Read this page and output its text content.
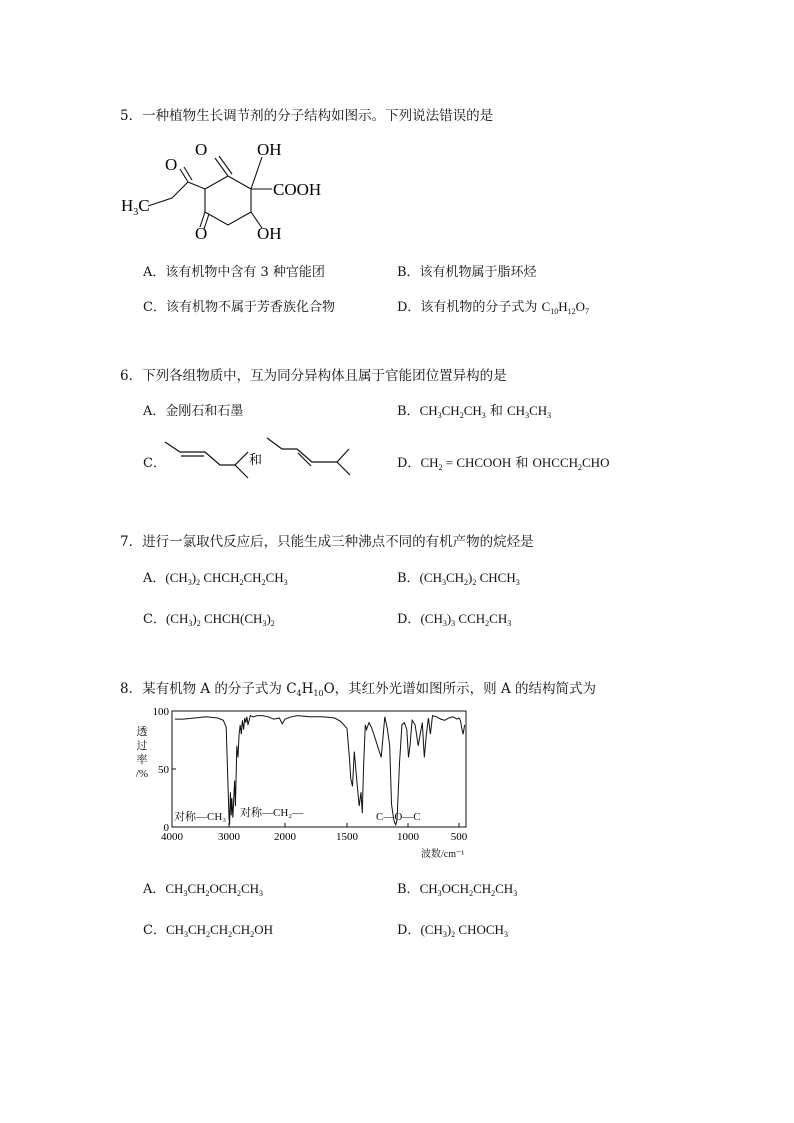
5．一种植物生长调节剂的分子结构如图示。下列说法错误的是
O
O	OH
COOH
$H_3C$
O	OH
A．该有机物中含有 3 种官能团	B．该有机物属于脂环烃
C．该有机物不属于芳香族化合物	D．该有机物的分子式为 $C_{10}H_{12}O_7$
6．下列各组物质中，互为同分异构体且属于官能团位置异构的是
A．金刚石和石墨	B．$CH_3CH_2CH_3$ 和 $CH_3CH_3$
C．	和	D．$CH_2$ = CHCOOH 和 $OHCCH_2CHO$
7．进行一氯取代反应后，只能生成三种沸点不同的有机产物的烷烃是
A．$(CH_3)_2$ $CHCH_2CH_2CH_3$	B．$(CH_3CH_2)_2$ $CHCH_3$
C．$(CH_3)_2$ $CHCH(CH_3)_2$	D．$(CH_3)_3$ $CCH_2CH_3$
8．某有机物 A 的分子式为 $C_4H_{10}O$，其红外光谱如图所示，则 A 的结构简式为
透
过
率
/%
0
50
100
4000	3000	2000	1500	1000	500
对称—CH₃ 对称—CH₂—	C—O—C
波数/cm⁻¹
A．$CH_3CH_2OCH_2CH_3$	B．$CH_3OCH_2CH_2CH_3$
C．$CH_3CH_2CH_2CH_2OH$	D．$(CH_3)_2$ $CHOCH_3$
